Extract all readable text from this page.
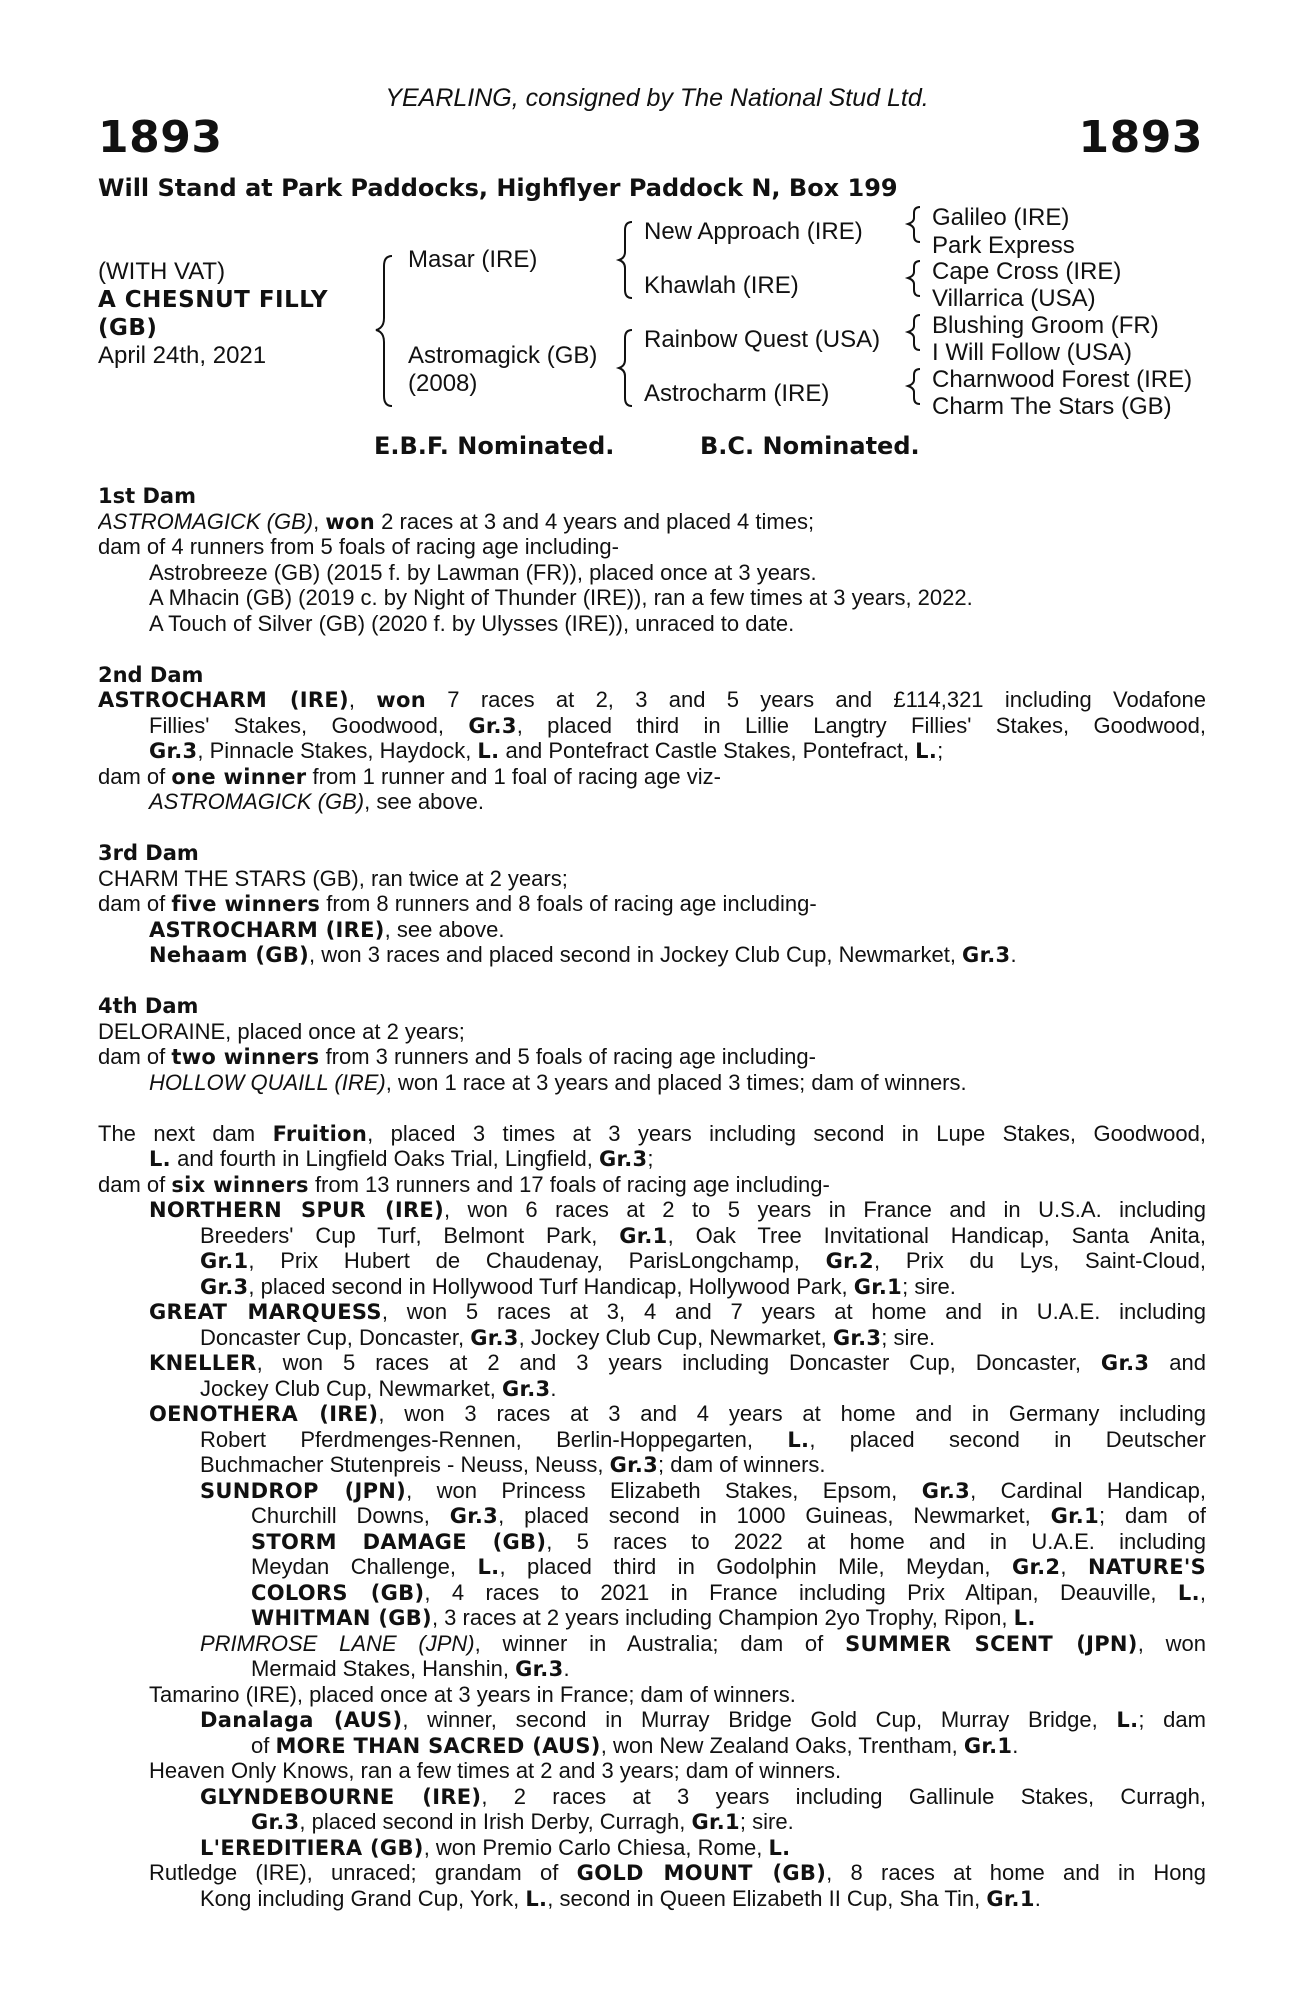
YEARLING, consigned by The National Stud Ltd.
1893	1893
Will Stand at Park Paddocks, Highflyer Paddock N, Box 199
(WITH VAT)
A CHESNUT FILLY
(GB)
April 24th, 2021
Masar (IRE)
Astromagick (GB)
(2008)
New Approach (IRE)
Khawlah (IRE)
Rainbow Quest (USA)
Astrocharm (IRE)
Galileo (IRE)
Park Express
Cape Cross (IRE)
Villarrica (USA)
Blushing Groom (FR)
I Will Follow (USA)
Charnwood Forest (IRE)
Charm The Stars (GB)
E.B.F. Nominated.	B.C. Nominated.
1st Dam
ASTROMAGICK (GB), won 2 races at 3 and 4 years and placed 4 times;
dam of 4 runners from 5 foals of racing age including-
Astrobreeze (GB) (2015 f. by Lawman (FR)), placed once at 3 years.
A Mhacin (GB) (2019 c. by Night of Thunder (IRE)), ran a few times at 3 years, 2022.
A Touch of Silver (GB) (2020 f. by Ulysses (IRE)), unraced to date.
2nd Dam
ASTROCHARM (IRE), won 7 races at 2, 3 and 5 years and £114,321 including Vodafone
Fillies' Stakes, Goodwood, Gr.3, placed third in Lillie Langtry Fillies' Stakes, Goodwood,
Gr.3, Pinnacle Stakes, Haydock, L. and Pontefract Castle Stakes, Pontefract, L.;
dam of one winner from 1 runner and 1 foal of racing age viz-
ASTROMAGICK (GB), see above.
3rd Dam
CHARM THE STARS (GB), ran twice at 2 years;
dam of five winners from 8 runners and 8 foals of racing age including-
ASTROCHARM (IRE), see above.
Nehaam (GB), won 3 races and placed second in Jockey Club Cup, Newmarket, Gr.3.
4th Dam
DELORAINE, placed once at 2 years;
dam of two winners from 3 runners and 5 foals of racing age including-
HOLLOW QUAILL (IRE), won 1 race at 3 years and placed 3 times; dam of winners.
The next dam Fruition, placed 3 times at 3 years including second in Lupe Stakes, Goodwood,
L. and fourth in Lingfield Oaks Trial, Lingfield, Gr.3;
dam of six winners from 13 runners and 17 foals of racing age including-
NORTHERN SPUR (IRE), won 6 races at 2 to 5 years in France and in U.S.A. including
Breeders' Cup Turf, Belmont Park, Gr.1, Oak Tree Invitational Handicap, Santa Anita,
Gr.1, Prix Hubert de Chaudenay, ParisLongchamp, Gr.2, Prix du Lys, Saint-Cloud,
Gr.3, placed second in Hollywood Turf Handicap, Hollywood Park, Gr.1; sire.
GREAT MARQUESS, won 5 races at 3, 4 and 7 years at home and in U.A.E. including
Doncaster Cup, Doncaster, Gr.3, Jockey Club Cup, Newmarket, Gr.3; sire.
KNELLER, won 5 races at 2 and 3 years including Doncaster Cup, Doncaster, Gr.3 and
Jockey Club Cup, Newmarket, Gr.3.
OENOTHERA (IRE), won 3 races at 3 and 4 years at home and in Germany including
Robert Pferdmenges-Rennen, Berlin-Hoppegarten, L., placed second in Deutscher
Buchmacher Stutenpreis - Neuss, Neuss, Gr.3; dam of winners.
SUNDROP (JPN), won Princess Elizabeth Stakes, Epsom, Gr.3, Cardinal Handicap,
Churchill Downs, Gr.3, placed second in 1000 Guineas, Newmarket, Gr.1; dam of
STORM DAMAGE (GB), 5 races to 2022 at home and in U.A.E. including
Meydan Challenge, L., placed third in Godolphin Mile, Meydan, Gr.2, NATURE'S
COLORS (GB), 4 races to 2021 in France including Prix Altipan, Deauville, L.,
WHITMAN (GB), 3 races at 2 years including Champion 2yo Trophy, Ripon, L.
PRIMROSE LANE (JPN), winner in Australia; dam of SUMMER SCENT (JPN), won
Mermaid Stakes, Hanshin, Gr.3.
Tamarino (IRE), placed once at 3 years in France; dam of winners.
Danalaga (AUS), winner, second in Murray Bridge Gold Cup, Murray Bridge, L.; dam
of MORE THAN SACRED (AUS), won New Zealand Oaks, Trentham, Gr.1.
Heaven Only Knows, ran a few times at 2 and 3 years; dam of winners.
GLYNDEBOURNE (IRE), 2 races at 3 years including Gallinule Stakes, Curragh,
Gr.3, placed second in Irish Derby, Curragh, Gr.1; sire.
L'EREDITIERA (GB), won Premio Carlo Chiesa, Rome, L.
Rutledge (IRE), unraced; grandam of GOLD MOUNT (GB), 8 races at home and in Hong
Kong including Grand Cup, York, L., second in Queen Elizabeth II Cup, Sha Tin, Gr.1.
